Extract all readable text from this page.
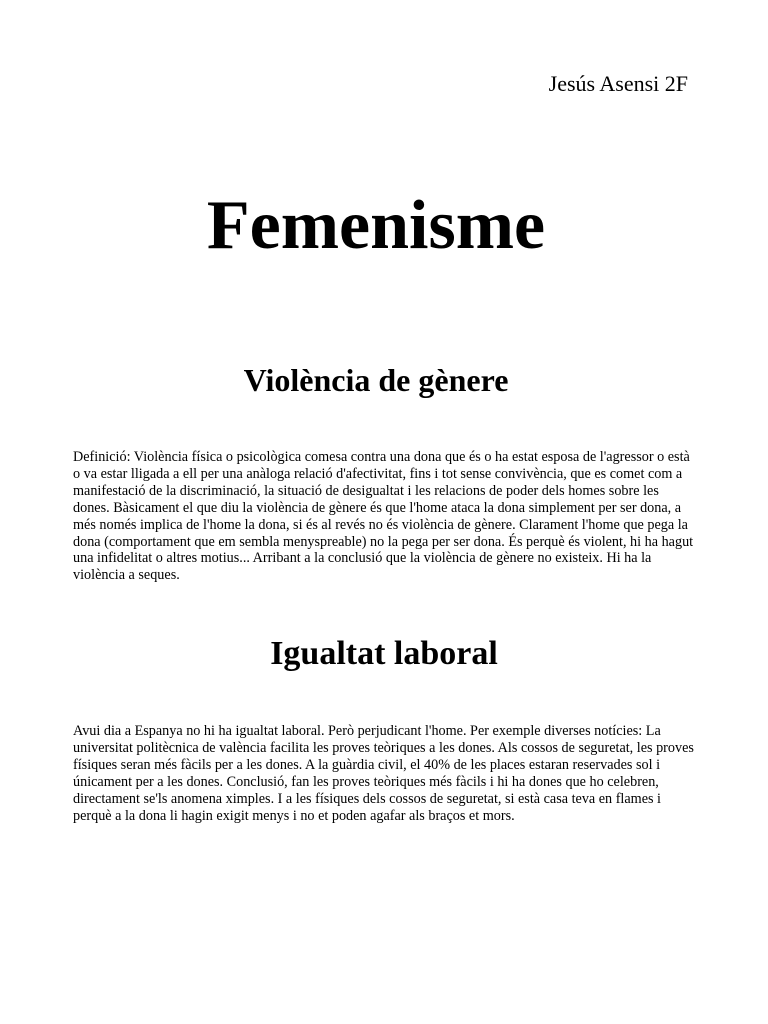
Jesús Asensi 2F
Femenisme
Violència de gènere

Definició: Violència física o psicològica comesa contra una dona que és o ha estat esposa de l'agressor o està o va estar lligada a ell per una anàloga relació d'afectivitat, fins i tot sense convivència, que es comet com a manifestació de la discriminació, la situació de desigualtat i les relacions de poder dels homes sobre les dones. Bàsicament el que diu la violència de gènere és que l'home ataca la dona simplement per ser dona, a més només implica de l'home la dona, si és al revés no és violència de gènere. Clarament l'home que pega la dona (comportament que em sembla menyspreable) no la pega per ser dona. És perquè és violent, hi ha hagut una infidelitat o altres motius... Arribant a la conclusió que la violència de gènere no existeix. Hi ha la violència a seques.

Igualtat laboral

Avui dia a Espanya no hi ha igualtat laboral. Però perjudicant l'home. Per exemple diverses notícies: La universitat politècnica de valència facilita les proves teòriques a les dones. Als cossos de seguretat, les proves físiques seran més fàcils per a les dones. A la guàrdia civil, el 40% de les places estaran reservades sol i únicament per a les dones. Conclusió, fan les proves teòriques més fàcils i hi ha dones que ho celebren, directament se'ls anomena ximples. I a les físiques dels cossos de seguretat, si està casa teva en flames i perquè a la dona li hagin exigit menys i no et poden agafar als braços et mors.
